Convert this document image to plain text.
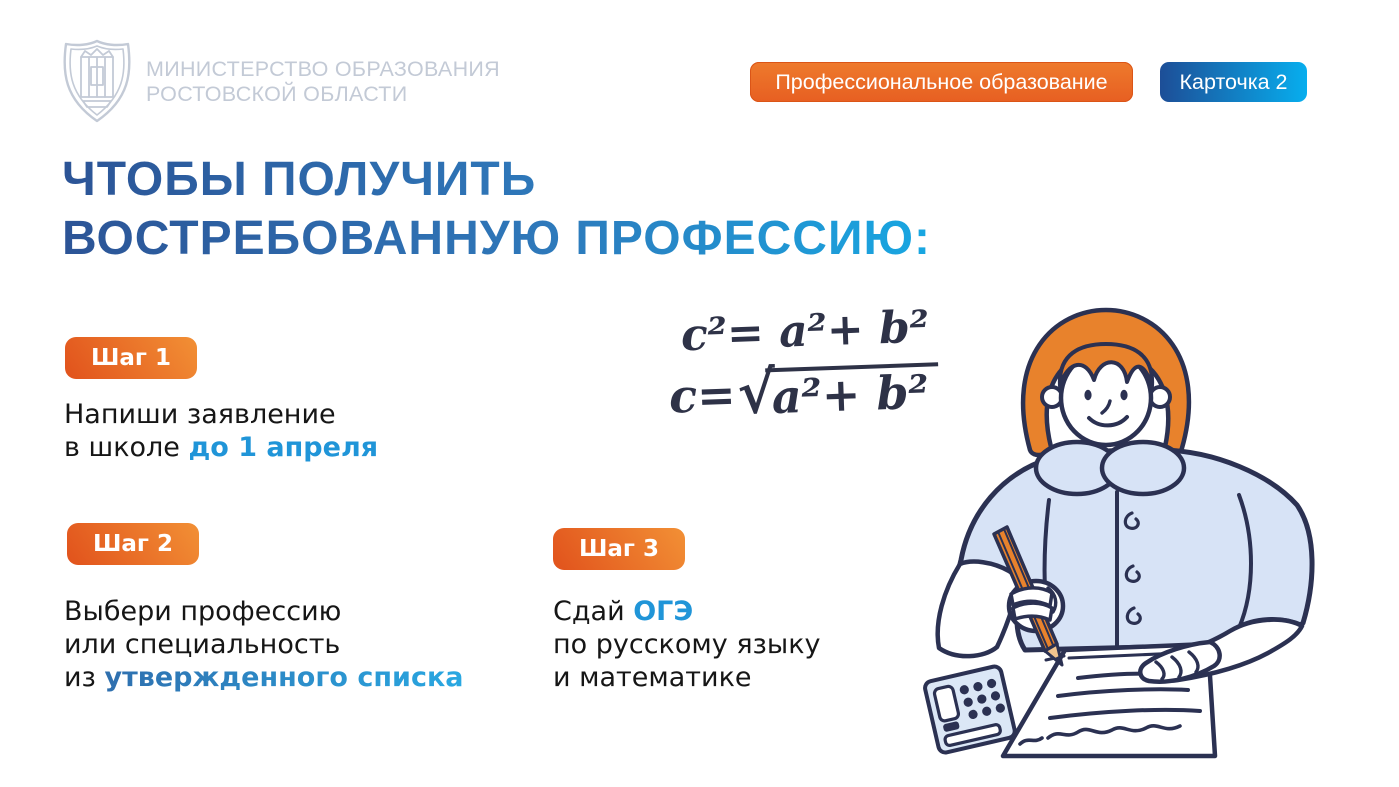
МИНИСТЕРСТВО ОБРАЗОВАНИЯ
РОСТОВСКОЙ ОБЛАСТИ
Профессиональное образование	Карточка 2
ЧТОБЫ ПОЛУЧИТЬ
ВОСТРЕБОВАННУЮ ПРОФЕССИЮ:
Шаг 1
Шаг 2	Шаг 3
Напиши заявление
в школе до 1 апреля
Выбери профессию
или специальность
из утвержденного списка
Сдай ОГЭ
по русскому языку
и математике
c²= a²+ b²
c= √
a²+ b²
